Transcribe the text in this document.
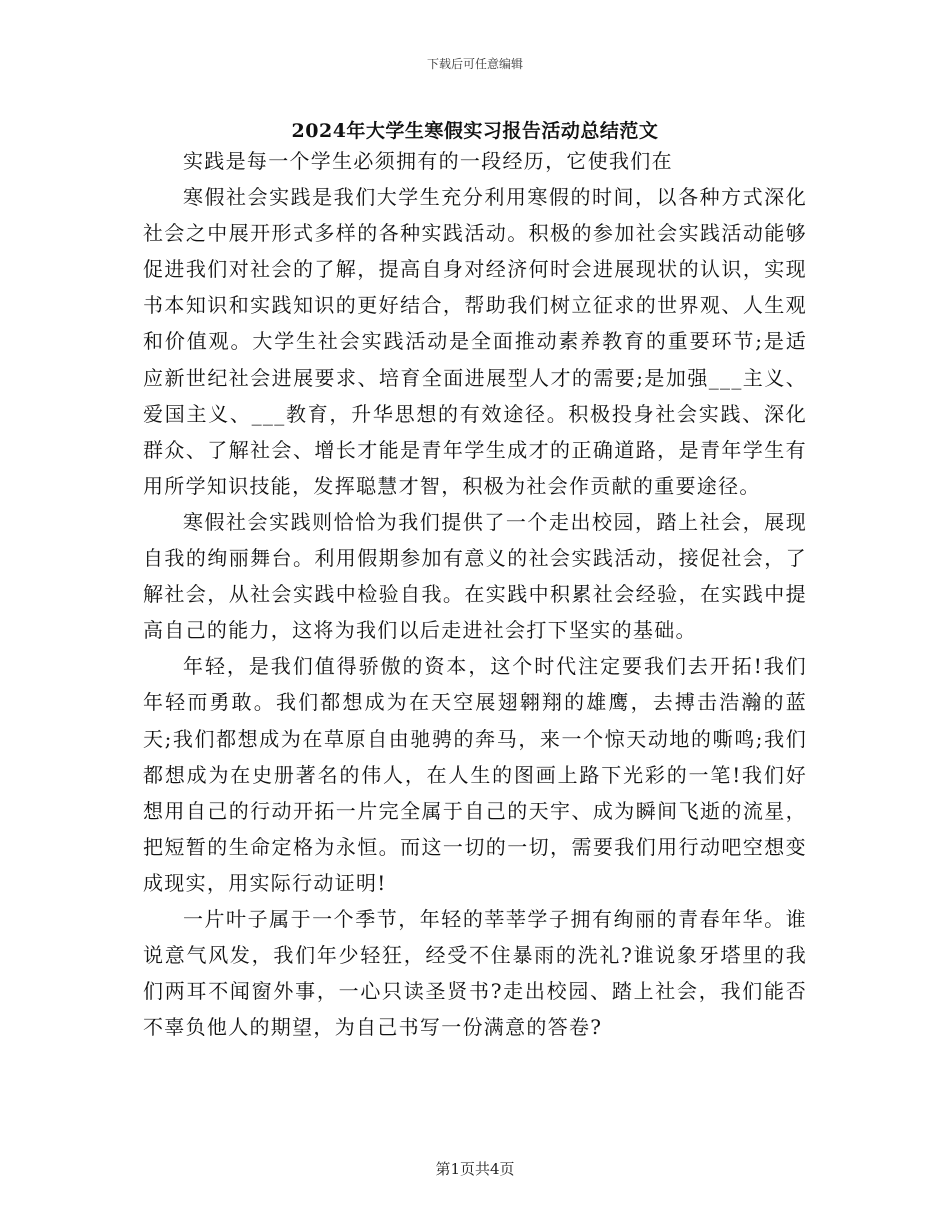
下载后可任意编辑
2024年大学生寒假实习报告活动总结范文

实践是每一个学生必须拥有的一段经历，它使我们在

寒假社会实践是我们大学生充分利用寒假的时间，以各种方式深化社会之中展开形式多样的各种实践活动。积极的参加社会实践活动能够促进我们对社会的了解，提高自身对经济何时会进展现状的认识，实现书本知识和实践知识的更好结合，帮助我们树立征求的世界观、人生观和价值观。大学生社会实践活动是全面推动素养教育的重要环节;是适应新世纪社会进展要求、培育全面进展型人才的需要;是加强___主义、爱国主义、___教育，升华思想的有效途径。积极投身社会实践、深化群众、了解社会、增长才能是青年学生成才的正确道路，是青年学生有用所学知识技能，发挥聪慧才智，积极为社会作贡献的重要途径。

寒假社会实践则恰恰为我们提供了一个走出校园，踏上社会，展现自我的绚丽舞台。利用假期参加有意义的社会实践活动，接促社会，了解社会，从社会实践中检验自我。在实践中积累社会经验，在实践中提高自己的能力，这将为我们以后走进社会打下坚实的基础。

年轻，是我们值得骄傲的资本，这个时代注定要我们去开拓!我们年轻而勇敢。我们都想成为在天空展翅翱翔的雄鹰，去搏击浩瀚的蓝天;我们都想成为在草原自由驰骋的奔马，来一个惊天动地的嘶鸣;我们都想成为在史册著名的伟人，在人生的图画上路下光彩的一笔!我们好想用自己的行动开拓一片完全属于自己的天宇、成为瞬间飞逝的流星，把短暂的生命定格为永恒。而这一切的一切，需要我们用行动吧空想变成现实，用实际行动证明!

一片叶子属于一个季节，年轻的莘莘学子拥有绚丽的青春年华。谁说意气风发，我们年少轻狂，经受不住暴雨的洗礼?谁说象牙塔里的我们两耳不闻窗外事，一心只读圣贤书?走出校园、踏上社会，我们能否不辜负他人的期望，为自己书写一份满意的答卷?

第1页共4页
